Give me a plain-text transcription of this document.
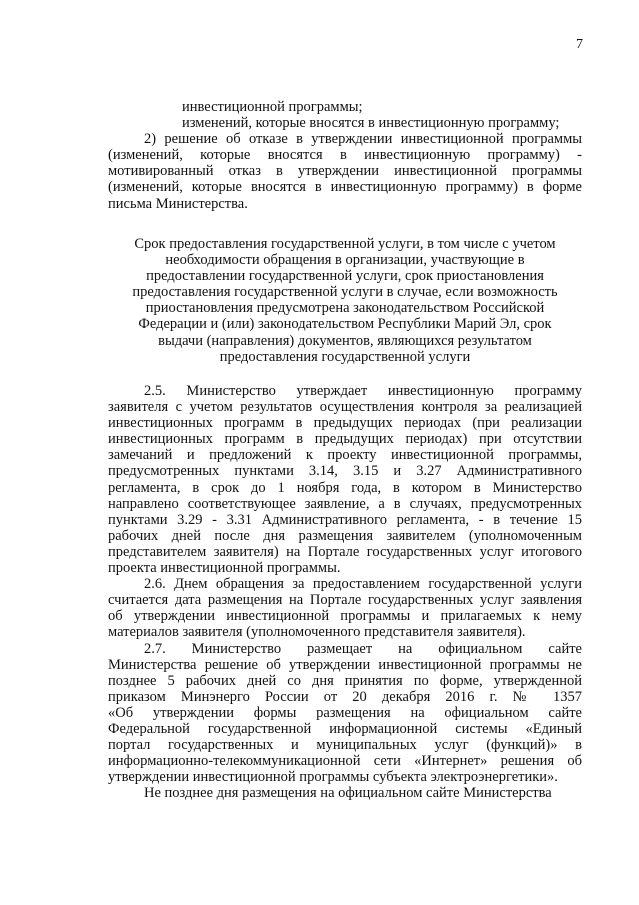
7
инвестиционной программы;
изменений, которые вносятся в инвестиционную программу;
2) решение об отказе в утверждении инвестиционной программы
(изменений, которые вносятся в инвестиционную программу) -
мотивированный отказ в утверждении инвестиционной программы
(изменений, которые вносятся в инвестиционную программу) в форме
письма Министерства.
Срок предоставления государственной услуги, в том числе с учетом
необходимости обращения в организации, участвующие в
предоставлении государственной услуги, срок приостановления
предоставления государственной услуги в случае, если возможность
приостановления предусмотрена законодательством Российской
Федерации и (или) законодательством Республики Марий Эл, срок
выдачи (направления) документов, являющихся результатом
предоставления государственной услуги
2.5. Министерство утверждает инвестиционную программу
заявителя с учетом результатов осуществления контроля за реализацией
инвестиционных программ в предыдущих периодах (при реализации
инвестиционных программ в предыдущих периодах) при отсутствии
замечаний и предложений к проекту инвестиционной программы,
предусмотренных пунктами 3.14, 3.15 и 3.27 Административного
регламента, в срок до 1 ноября года, в котором в Министерство
направлено соответствующее заявление, а в случаях, предусмотренных
пунктами 3.29 - 3.31 Административного регламента, - в течение 15
рабочих дней после дня размещения заявителем (уполномоченным
представителем заявителя) на Портале государственных услуг итогового
проекта инвестиционной программы.
2.6. Днем обращения за предоставлением государственной услуги
считается дата размещения на Портале государственных услуг заявления
об утверждении инвестиционной программы и прилагаемых к нему
материалов заявителя (уполномоченного представителя заявителя).
2.7. Министерство размещает на официальном сайте
Министерства решение об утверждении инвестиционной программы не
позднее 5 рабочих дней со дня принятия по форме, утвержденной
приказом Минэнерго России от 20 декабря 2016 г. № 1357
«Об утверждении формы размещения на официальном сайте
Федеральной государственной информационной системы «Единый
портал государственных и муниципальных услуг (функций)» в
информационно-телекоммуникационной сети «Интернет» решения об
утверждении инвестиционной программы субъекта электроэнергетики».
Не позднее дня размещения на официальном сайте Министерства
